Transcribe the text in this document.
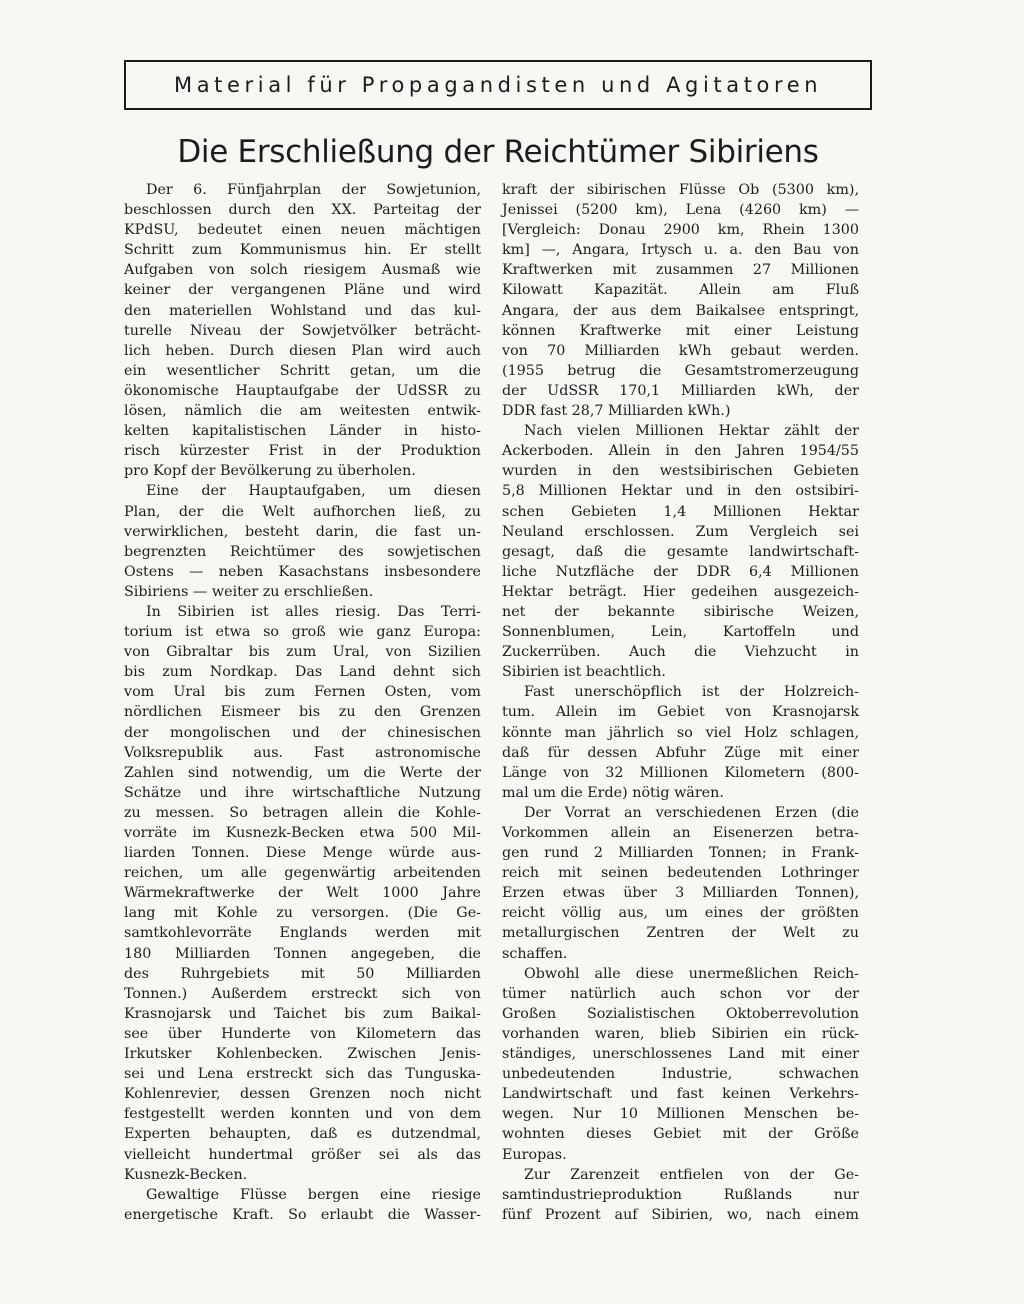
Material für Propagandisten und Agitatoren
Die Erschließung der Reichtümer Sibiriens
Der 6. Fünfjahrplan der Sowjetunion,
beschlossen durch den XX. Parteitag der
KPdSU, bedeutet einen neuen mächtigen
Schritt zum Kommunismus hin. Er stellt
Aufgaben von solch riesigem Ausmaß wie
keiner der vergangenen Pläne und wird
den materiellen Wohlstand und das kul-
turelle Niveau der Sowjetvölker beträcht-
lich heben. Durch diesen Plan wird auch
ein wesentlicher Schritt getan, um die
ökonomische Hauptaufgabe der UdSSR zu
lösen, nämlich die am weitesten entwik-
kelten kapitalistischen Länder in histo-
risch kürzester Frist in der Produktion
pro Kopf der Bevölkerung zu überholen.
Eine der Hauptaufgaben, um diesen
Plan, der die Welt aufhorchen ließ, zu
verwirklichen, besteht darin, die fast un-
begrenzten Reichtümer des sowjetischen
Ostens — neben Kasachstans insbesondere
Sibiriens — weiter zu erschließen.
In Sibirien ist alles riesig. Das Terri-
torium ist etwa so groß wie ganz Europa:
von Gibraltar bis zum Ural, von Sizilien
bis zum Nordkap. Das Land dehnt sich
vom Ural bis zum Fernen Osten, vom
nördlichen Eismeer bis zu den Grenzen
der mongolischen und der chinesischen
Volksrepublik aus. Fast astronomische
Zahlen sind notwendig, um die Werte der
Schätze und ihre wirtschaftliche Nutzung
zu messen. So betragen allein die Kohle-
vorräte im Kusnezk-Becken etwa 500 Mil-
liarden Tonnen. Diese Menge würde aus-
reichen, um alle gegenwärtig arbeitenden
Wärmekraftwerke der Welt 1000 Jahre
lang mit Kohle zu versorgen. (Die Ge-
samtkohlevorräte Englands werden mit
180 Milliarden Tonnen angegeben, die
des Ruhrgebiets mit 50 Milliarden
Tonnen.) Außerdem erstreckt sich von
Krasnojarsk und Taichet bis zum Baikal-
see über Hunderte von Kilometern das
Irkutsker Kohlenbecken. Zwischen Jenis-
sei und Lena erstreckt sich das Tunguska-
Kohlenrevier, dessen Grenzen noch nicht
festgestellt werden konnten und von dem
Experten behaupten, daß es dutzendmal,
vielleicht hundertmal größer sei als das
Kusnezk-Becken.
Gewaltige Flüsse bergen eine riesige
energetische Kraft. So erlaubt die Wasser-
kraft der sibirischen Flüsse Ob (5300 km),
Jenissei (5200 km), Lena (4260 km) —
[Vergleich: Donau 2900 km, Rhein 1300
km] —, Angara, Irtysch u. a. den Bau von
Kraftwerken mit zusammen 27 Millionen
Kilowatt Kapazität. Allein am Fluß
Angara, der aus dem Baikalsee entspringt,
können Kraftwerke mit einer Leistung
von 70 Milliarden kWh gebaut werden.
(1955 betrug die Gesamtstromerzeugung
der UdSSR 170,1 Milliarden kWh, der
DDR fast 28,7 Milliarden kWh.)
Nach vielen Millionen Hektar zählt der
Ackerboden. Allein in den Jahren 1954/55
wurden in den westsibirischen Gebieten
5,8 Millionen Hektar und in den ostsibiri-
schen Gebieten 1,4 Millionen Hektar
Neuland erschlossen. Zum Vergleich sei
gesagt, daß die gesamte landwirtschaft-
liche Nutzfläche der DDR 6,4 Millionen
Hektar beträgt. Hier gedeihen ausgezeich-
net der bekannte sibirische Weizen,
Sonnenblumen, Lein, Kartoffeln und
Zuckerrüben. Auch die Viehzucht in
Sibirien ist beachtlich.
Fast unerschöpflich ist der Holzreich-
tum. Allein im Gebiet von Krasnojarsk
könnte man jährlich so viel Holz schlagen,
daß für dessen Abfuhr Züge mit einer
Länge von 32 Millionen Kilometern (800-
mal um die Erde) nötig wären.
Der Vorrat an verschiedenen Erzen (die
Vorkommen allein an Eisenerzen betra-
gen rund 2 Milliarden Tonnen; in Frank-
reich mit seinen bedeutenden Lothringer
Erzen etwas über 3 Milliarden Tonnen),
reicht völlig aus, um eines der größten
metallurgischen Zentren der Welt zu
schaffen.
Obwohl alle diese unermeßlichen Reich-
tümer natürlich auch schon vor der
Großen Sozialistischen Oktoberrevolution
vorhanden waren, blieb Sibirien ein rück-
ständiges, unerschlossenes Land mit einer
unbedeutenden Industrie, schwachen
Landwirtschaft und fast keinen Verkehrs-
wegen. Nur 10 Millionen Menschen be-
wohnten dieses Gebiet mit der Größe
Europas.
Zur Zarenzeit entfielen von der Ge-
samtindustrieproduktion Rußlands nur
fünf Prozent auf Sibirien, wo, nach einem
